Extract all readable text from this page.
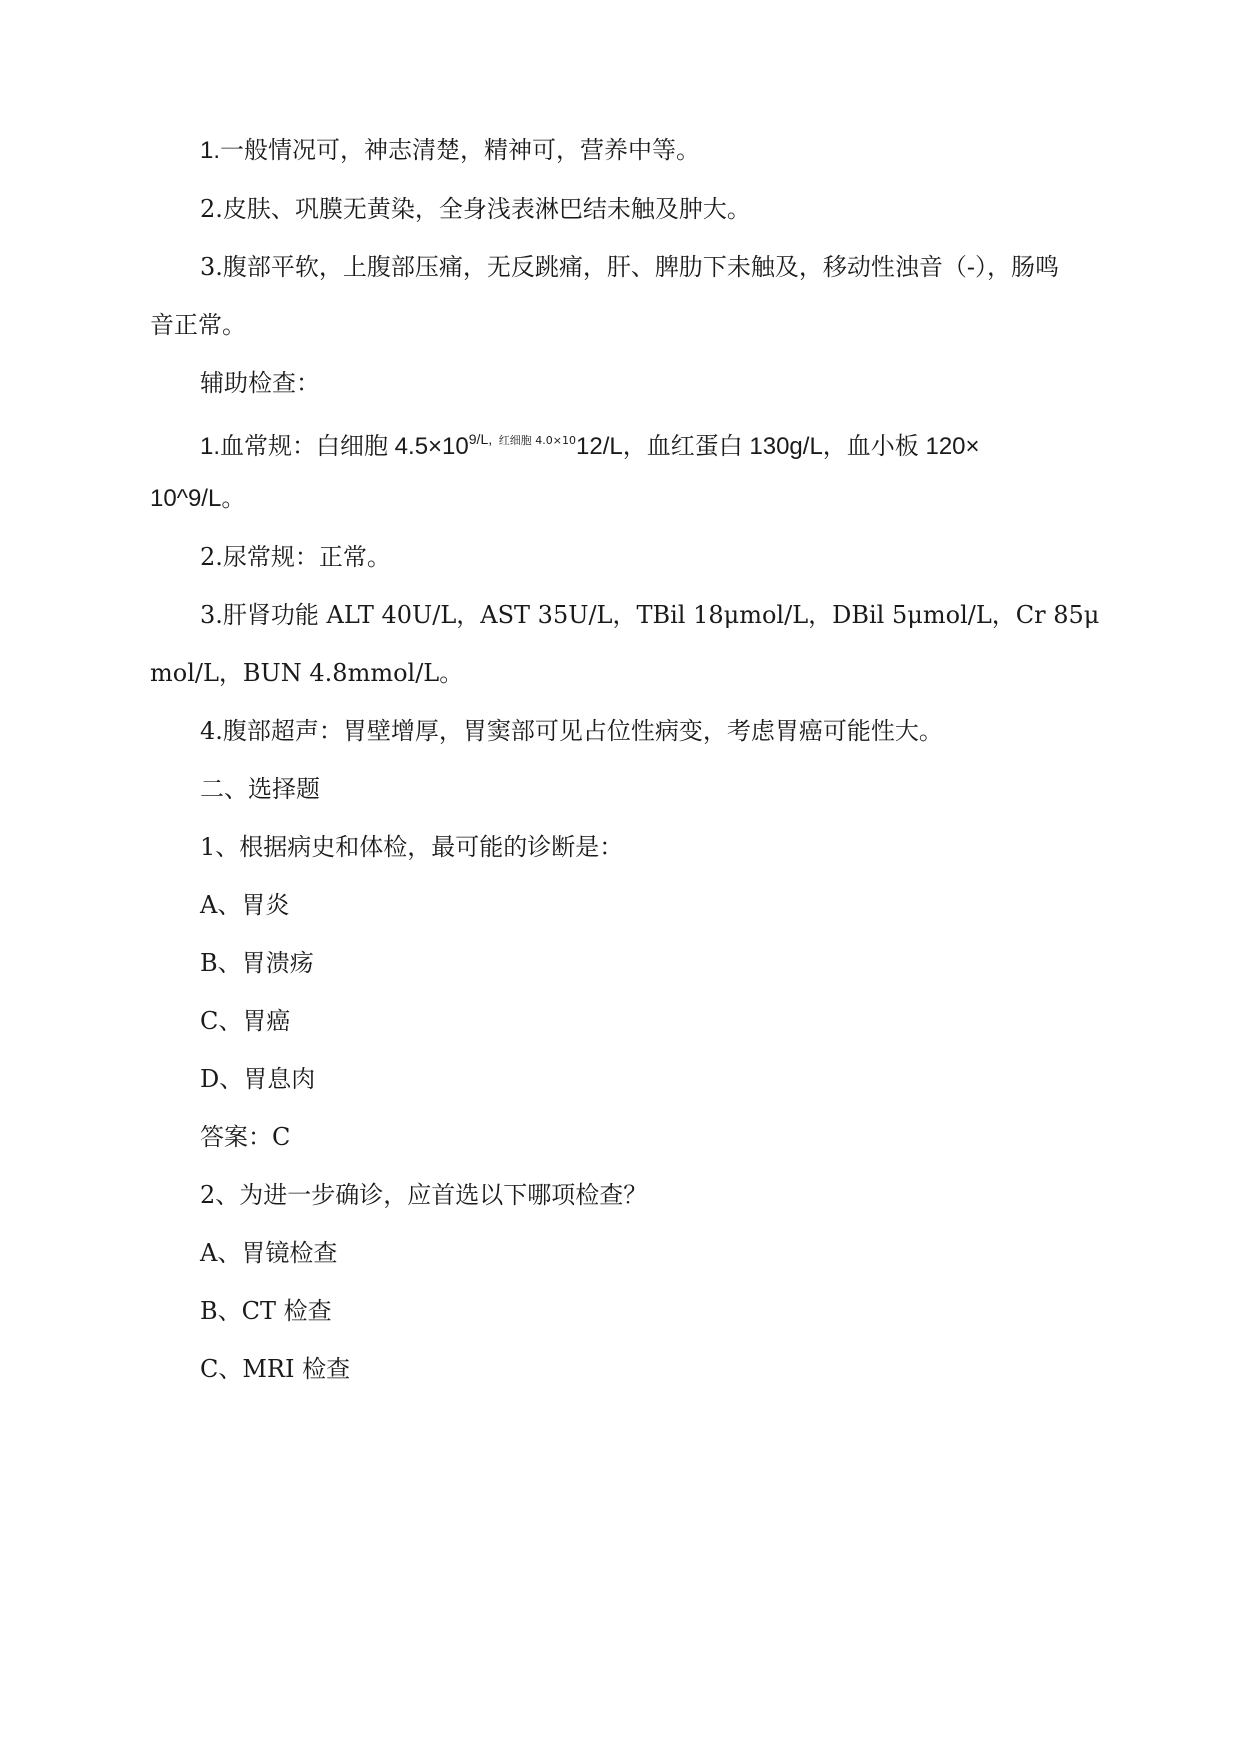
1.一般情况可，神志清楚，精神可，营养中等。
2.皮肤、巩膜无黄染，全身浅表淋巴结未触及肿大。
3.腹部平软，上腹部压痛，无反跳痛，肝、脾肋下未触及，移动性浊音（-），肠鸣
音正常。
辅助检查：
1.血常规：白细胞 $4.5\times 10^{9/L,}$ $^{红细胞 4.0\times 10}$12/L，血红蛋白 130g/L，血小板 120×
10^9/L。
2.尿常规：正常。
3.肝肾功能 ALT 40U/L，AST 35U/L，TBil 18μmol/L，DBil 5μmol/L，Cr 85μ
mol/L，BUN 4.8mmol/L。
4.腹部超声：胃壁增厚，胃窦部可见占位性病变，考虑胃癌可能性大。
二、选择题
1、根据病史和体检，最可能的诊断是：
A、胃炎
B、胃溃疡
C、胃癌
D、胃息肉
答案：C
2、为进一步确诊，应首选以下哪项检查？
A、胃镜检查
B、CT 检查
C、MRI 检查
